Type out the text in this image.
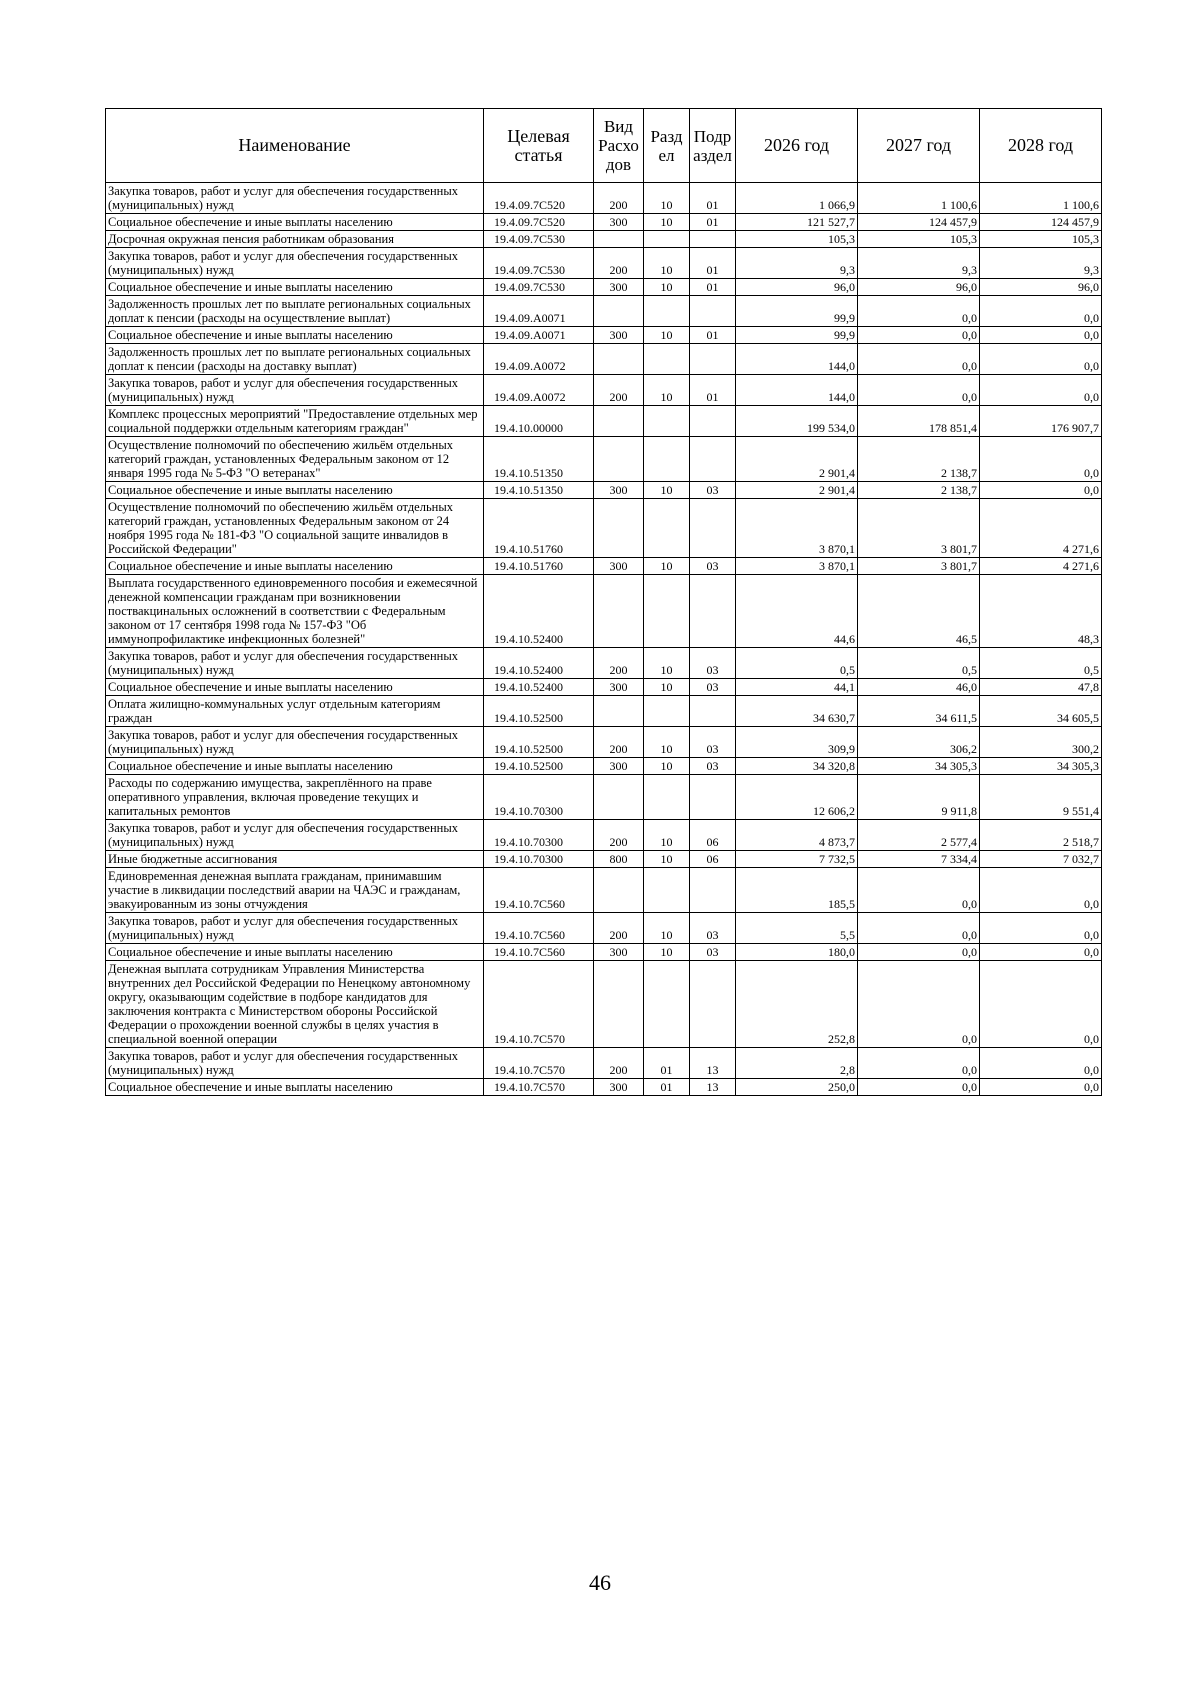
Наименование	Целевая статья	Вид Расхо дов	Разд ел	Подр аздел	2026 год	2027 год	2028 год
Закупка товаров, работ и услуг для обеспечения государственных (муниципальных) нужд	19.4.09.7С520	200	10	01	1 066,9	1 100,6	1 100,6
Социальное обеспечение и иные выплаты населению	19.4.09.7С520	300	10	01	121 527,7	124 457,9	124 457,9
Досрочная окружная пенсия работникам образования	19.4.09.7С530				105,3	105,3	105,3
Закупка товаров, работ и услуг для обеспечения государственных (муниципальных) нужд	19.4.09.7С530	200	10	01	9,3	9,3	9,3
Социальное обеспечение и иные выплаты населению	19.4.09.7С530	300	10	01	96,0	96,0	96,0
Задолженность прошлых лет по выплате региональных социальных доплат к пенсии (расходы на осуществление выплат)	19.4.09.А0071				99,9	0,0	0,0
Социальное обеспечение и иные выплаты населению	19.4.09.А0071	300	10	01	99,9	0,0	0,0
Задолженность прошлых лет по выплате региональных социальных доплат к пенсии (расходы на доставку выплат)	19.4.09.А0072				144,0	0,0	0,0
Закупка товаров, работ и услуг для обеспечения государственных (муниципальных) нужд	19.4.09.А0072	200	10	01	144,0	0,0	0,0
Комплекс процессных мероприятий "Предоставление отдельных мер социальной поддержки отдельным категориям граждан"	19.4.10.00000				199 534,0	178 851,4	176 907,7
Осуществление полномочий по обеспечению жильём отдельных категорий граждан, установленных Федеральным законом от 12 января 1995 года № 5-ФЗ "О ветеранах"	19.4.10.51350				2 901,4	2 138,7	0,0
Социальное обеспечение и иные выплаты населению	19.4.10.51350	300	10	03	2 901,4	2 138,7	0,0
Осуществление полномочий по обеспечению жильём отдельных категорий граждан, установленных Федеральным законом от 24 ноября 1995 года № 181-ФЗ "О социальной защите инвалидов в Российской Федерации"	19.4.10.51760				3 870,1	3 801,7	4 271,6
Социальное обеспечение и иные выплаты населению	19.4.10.51760	300	10	03	3 870,1	3 801,7	4 271,6
Выплата государственного единовременного пособия и ежемесячной денежной компенсации гражданам при возникновении поствакцинальных осложнений в соответствии с Федеральным законом от 17 сентября 1998 года № 157-ФЗ "Об иммунопрофилактике инфекционных болезней"	19.4.10.52400				44,6	46,5	48,3
Закупка товаров, работ и услуг для обеспечения государственных (муниципальных) нужд	19.4.10.52400	200	10	03	0,5	0,5	0,5
Социальное обеспечение и иные выплаты населению	19.4.10.52400	300	10	03	44,1	46,0	47,8
Оплата жилищно-коммунальных услуг отдельным категориям граждан	19.4.10.52500				34 630,7	34 611,5	34 605,5
Закупка товаров, работ и услуг для обеспечения государственных (муниципальных) нужд	19.4.10.52500	200	10	03	309,9	306,2	300,2
Социальное обеспечение и иные выплаты населению	19.4.10.52500	300	10	03	34 320,8	34 305,3	34 305,3
Расходы по содержанию имущества, закреплённого на праве оперативного управления, включая проведение текущих и капитальных ремонтов	19.4.10.70300				12 606,2	9 911,8	9 551,4
Закупка товаров, работ и услуг для обеспечения государственных (муниципальных) нужд	19.4.10.70300	200	10	06	4 873,7	2 577,4	2 518,7
Иные бюджетные ассигнования	19.4.10.70300	800	10	06	7 732,5	7 334,4	7 032,7
Единовременная денежная выплата гражданам, принимавшим участие в ликвидации последствий аварии на ЧАЭС и гражданам, эвакуированным из зоны отчуждения	19.4.10.7С560				185,5	0,0	0,0
Закупка товаров, работ и услуг для обеспечения государственных (муниципальных) нужд	19.4.10.7С560	200	10	03	5,5	0,0	0,0
Социальное обеспечение и иные выплаты населению	19.4.10.7С560	300	10	03	180,0	0,0	0,0
Денежная выплата сотрудникам Управления Министерства внутренних дел Российской Федерации по Ненецкому автономному округу, оказывающим содействие в подборе кандидатов для заключения контракта с Министерством обороны Российской Федерации о прохождении военной службы в целях участия в специальной военной операции	19.4.10.7С570				252,8	0,0	0,0
Закупка товаров, работ и услуг для обеспечения государственных (муниципальных) нужд	19.4.10.7С570	200	01	13	2,8	0,0	0,0
Социальное обеспечение и иные выплаты населению	19.4.10.7С570	300	01	13	250,0	0,0	0,0
46
